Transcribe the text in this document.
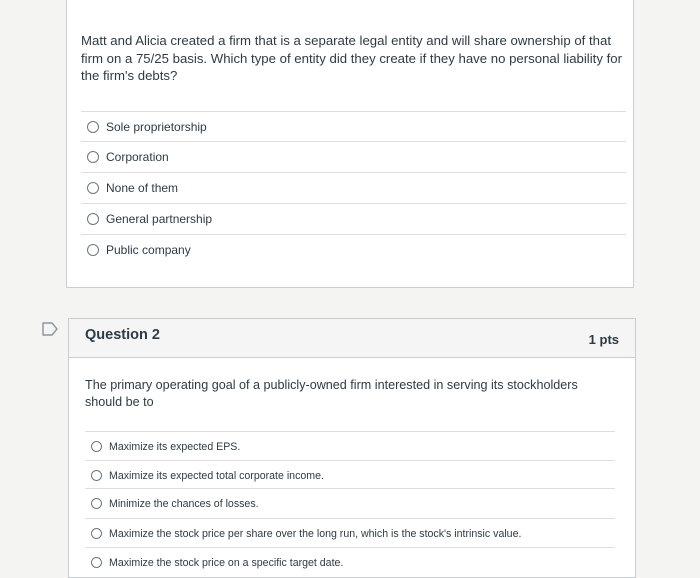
Matt and Alicia created a firm that is a separate legal entity and will share ownership of that firm on a 75/25 basis. Which type of entity did they create if they have no personal liability for the firm's debts?
Sole proprietorship
Corporation
None of them
General partnership
Public company
Question 2	1 pts
The primary operating goal of a publicly-owned firm interested in serving its stockholders should be to
Maximize its expected EPS.
Maximize its expected total corporate income.
Minimize the chances of losses.
Maximize the stock price per share over the long run, which is the stock's intrinsic value.
Maximize the stock price on a specific target date.
